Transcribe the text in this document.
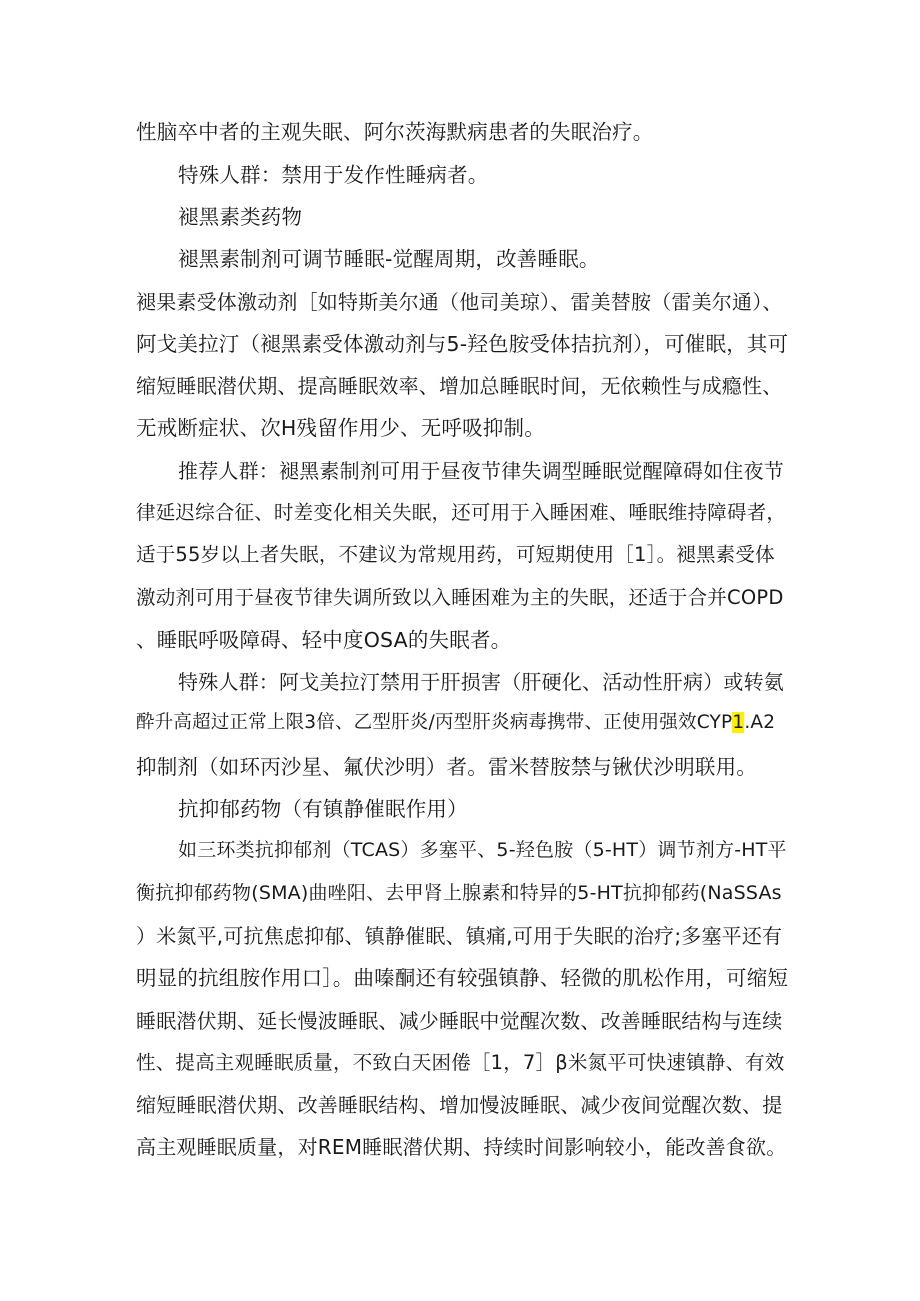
性脑卒中者的主观失眠、阿尔茨海默病患者的失眠治疗。
特殊人群：禁用于发作性睡病者。
褪黑素类药物
褪黑素制剂可调节睡眠-觉醒周期，改善睡眠。
褪果素受体激动剂［如特斯美尔通（他司美琼）、雷美替胺（雷美尔通）、
阿戈美拉汀（褪黑素受体激动剂与5-羟色胺受体拮抗剂），可催眠，其可
缩短睡眠潜伏期、提高睡眠效率、增加总睡眠时间，无依赖性与成瘾性、
无戒断症状、次H残留作用少、无呼吸抑制。
推荐人群：褪黑素制剂可用于昼夜节律失调型睡眠觉醒障碍如住夜节
律延迟综合征、时差变化相关失眠，还可用于入睡困难、唾眠维持障碍者，
适于55岁以上者失眠，不建议为常规用药，可短期使用［1］。褪黑素受体
激动剂可用于昼夜节律失调所致以入睡困难为主的失眠，还适于合并COPD
、睡眠呼吸障碍、轻中度OSA的失眠者。
特殊人群：阿戈美拉汀禁用于肝损害（肝硬化、活动性肝病）或转氨
酔升高超过正常上限3倍、乙型肝炎/丙型肝炎病毒携带、正使用强效CYP1.A2
抑制剂（如环丙沙星、氟伏沙明）者。雷米替胺禁与锹伏沙明联用。
抗抑郁药物（有镇静催眠作用）
如三环类抗抑郁剂（TCAS）多塞平、5-羟色胺（5-HT）调节剂方-HT平
衡抗抑郁药物(SMA)曲唑阳、去甲肾上腺素和特异的5-HT抗抑郁药(NaSSAs
）米氮平,可抗焦虑抑郁、镇静催眠、镇痛,可用于失眠的治疗;多塞平还有
明显的抗组胺作用口］。曲嗪酮还有较强镇静、轻微的肌松作用，可缩短
睡眠潜伏期、延长慢波睡眠、减少睡眠中觉醒次数、改善睡眠结构与连续
性、提高主观睡眠质量，不致白天困倦［1，7］β米氮平可快速镇静、有效
缩短睡眠潜伏期、改善睡眠结构、增加慢波睡眠、减少夜间觉醒次数、提
高主观睡眠质量，对REM睡眠潜伏期、持续时间影响较小，能改善食欲。
